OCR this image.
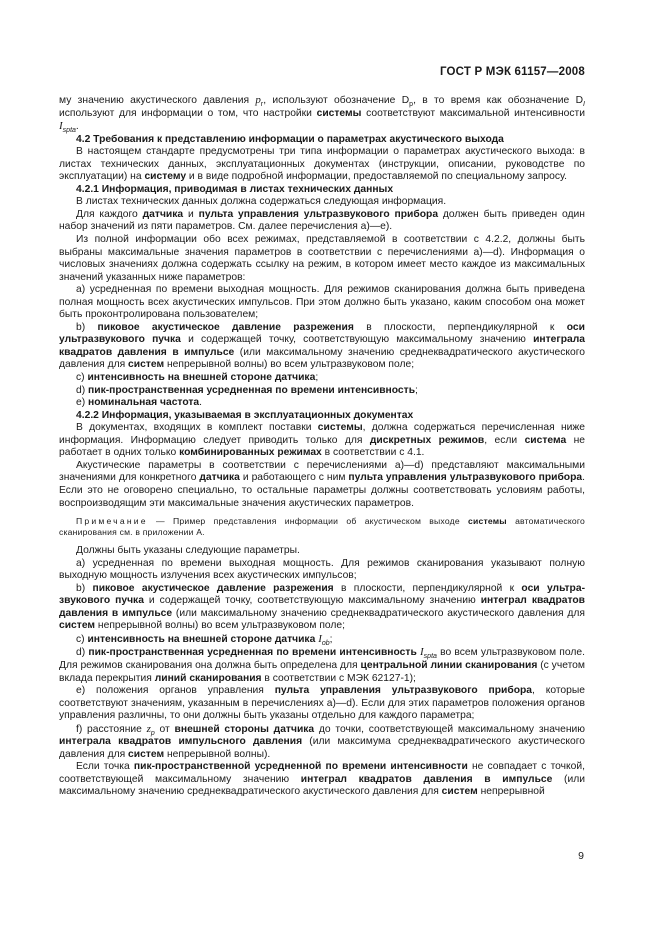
ГОСТ Р МЭК 61157—2008

му значению акустического давления $p_r$, используют обозначение $D_p$, в то время как обозначение $D_I$ используют для информации о том, что настройки системы соответствуют максимальной интенсивности $I_{spta}$.

4.2 Требования к представлению информации о параметрах акустического выхода

В настоящем стандарте предусмотрены три типа информации о параметрах акустического выхода: в листах технических данных, эксплуатационных документах (инструкции, описании, руководстве по эксплуатации) на систему и в виде подробной информации, предоставляемой по специальному запросу.

4.2.1 Информация, приводимая в листах технических данных

В листах технических данных должна содержаться следующая информация.

Для каждого датчика и пульта управления ультразвукового прибора должен быть приведен один набор значений из пяти параметров. См. далее перечисления а)—е).

Из полной информации обо всех режимах, представляемой в соответствии с 4.2.2, должны быть выбраны максимальные значения параметров в соответствии с перечислениями а)—d). Информация о числовых значениях должна содержать ссылку на режим, в котором имеет место каждое из максимальных значений указанных ниже параметров:

a) усредненная по времени выходная мощность. Для режимов сканирования должна быть приведена полная мощность всех акустических импульсов. При этом должно быть указано, каким способом она может быть проконтролирована пользователем;

b) пиковое акустическое давление разрежения в плоскости, перпендикулярной к оси ультразвукового пучка и содержащей точку, соответствующую максимальному значению интеграла квадратов давления в импульсе (или максимальному значению среднеквадратического акустического давления для систем непрерывной волны) во всем ультразвуковом поле;

c) интенсивность на внешней стороне датчика;

d) пик-пространственная усредненная по времени интенсивность;

е) номинальная частота.

4.2.2 Информация, указываемая в эксплуатационных документах

В документах, входящих в комплект поставки системы, должна содержаться перечисленная ниже информация. Информацию следует приводить только для дискретных режимов, если система не работает в одних только комбинированных режимах в соответствии с 4.1.

Акустические параметры в соответствии с перечислениями а)—d) представляют максимальными значениями для конкретного датчика и работающего с ним пульта управления ультразвукового прибора. Если это не оговорено специально, то остальные параметры должны соответствовать условиям работы, воспроизводящим эти максимальные значения акустических параметров.

Примечание — Пример представления информации об акустическом выходе системы автоматического сканирования см. в приложении А.

Должны быть указаны следующие параметры.

a) усредненная по времени выходная мощность. Для режимов сканирования указывают полную выходную мощность излучения всех акустических импульсов;

b) пиковое акустическое давление разрежения в плоскости, перпендикулярной к оси ультразвукового пучка и содержащей точку, соответствующую максимальному значению интеграл квадратов давления в импульсе (или максимальному значению среднеквадратического акустического давления для систем непрерывной волны) во всем ультразвуковом поле;

c) интенсивность на внешней стороне датчика $I_{ob}$;

d) пик-пространственная усредненная по времени интенсивность $I_{spta}$ во всем ультразвуковом поле. Для режимов сканирования она должна быть определена для центральной линии сканирования (с учетом вклада перекрытия линий сканирования в соответствии с МЭК 62127-1);

е) положения органов управления пульта управления ультразвукового прибора, которые соответствуют значениям, указанным в перечислениях а)—d). Если для этих параметров положения органов управления различны, то они должны быть указаны отдельно для каждого параметра;

f) расстояние $z_p$ от внешней стороны датчика до точки, соответствующей максимальному значению интеграла квадратов импульсного давления (или максимума среднеквадратического акустического давления для систем непрерывной волны).

Если точка пик-пространственной усредненной по времени интенсивности не совпадает с точкой, соответствующей максимальному значению интеграл квадратов давления в импульсе (или максимальному значению среднеквадратического акустического давления для систем непрерывной

9
